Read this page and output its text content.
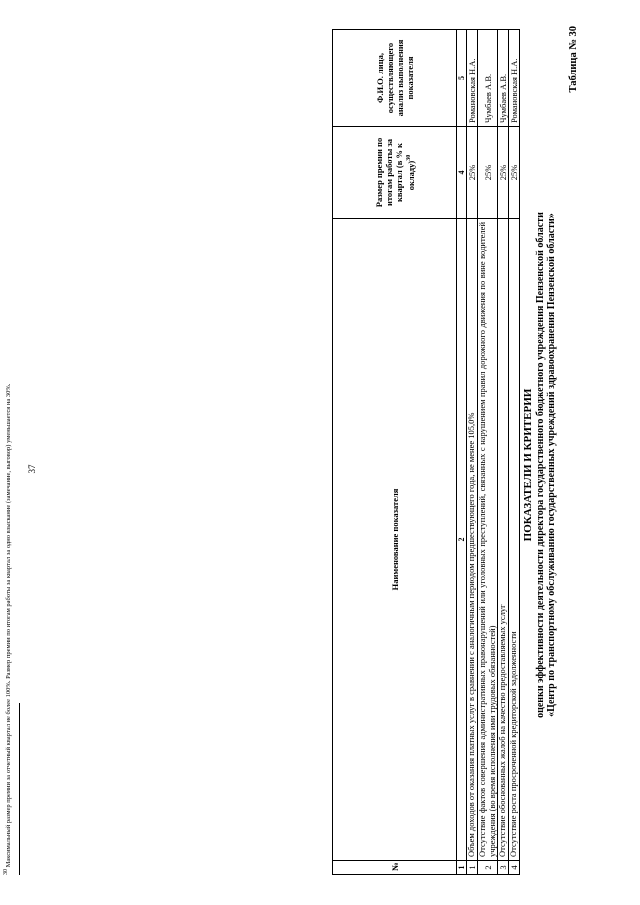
37
Таблица № 30
ПОКАЗАТЕЛИ И КРИТЕРИИ оценки эффективности деятельности директора государственного бюджетного учреждения Пензенской области «Центр по транспортному обслуживанию государственных учреждений здравоохранения Пензенской области»
№	Наименование показателя	Размер премии по итогам работы за квартал (в % к окладу)$^{30}$	Ф.И.О. лица, осуществляющего анализ выполнения показателя
1	2	4	5
1	Объем доходов от оказания платных услуг в сравнении с аналогичным периодом предшествующего года, не менее 105,0%	25%	Романовская Н.А.
2	Отсутствие фактов совершения административных правонарушений или уголовных преступлений, связанных с нарушением правил дорожного движения по вине водителей учреждения (во время исполнения ими трудовых обязанностей)	25%	Чумбаев А.В.
3	Отсутствие обоснованных жалоб на качество предоставляемых услуг	25%	Чумбаев А.В.
4	Отсутствие роста просроченной кредиторской задолженности	25%	Романовская Н.А.
$^{30}$ Максимальный размер премии за отчетный квартал не более 100%. Размер премии по итогам работы за квартал за одно взыскание (замечание, выговор) уменьшается на 30%.
